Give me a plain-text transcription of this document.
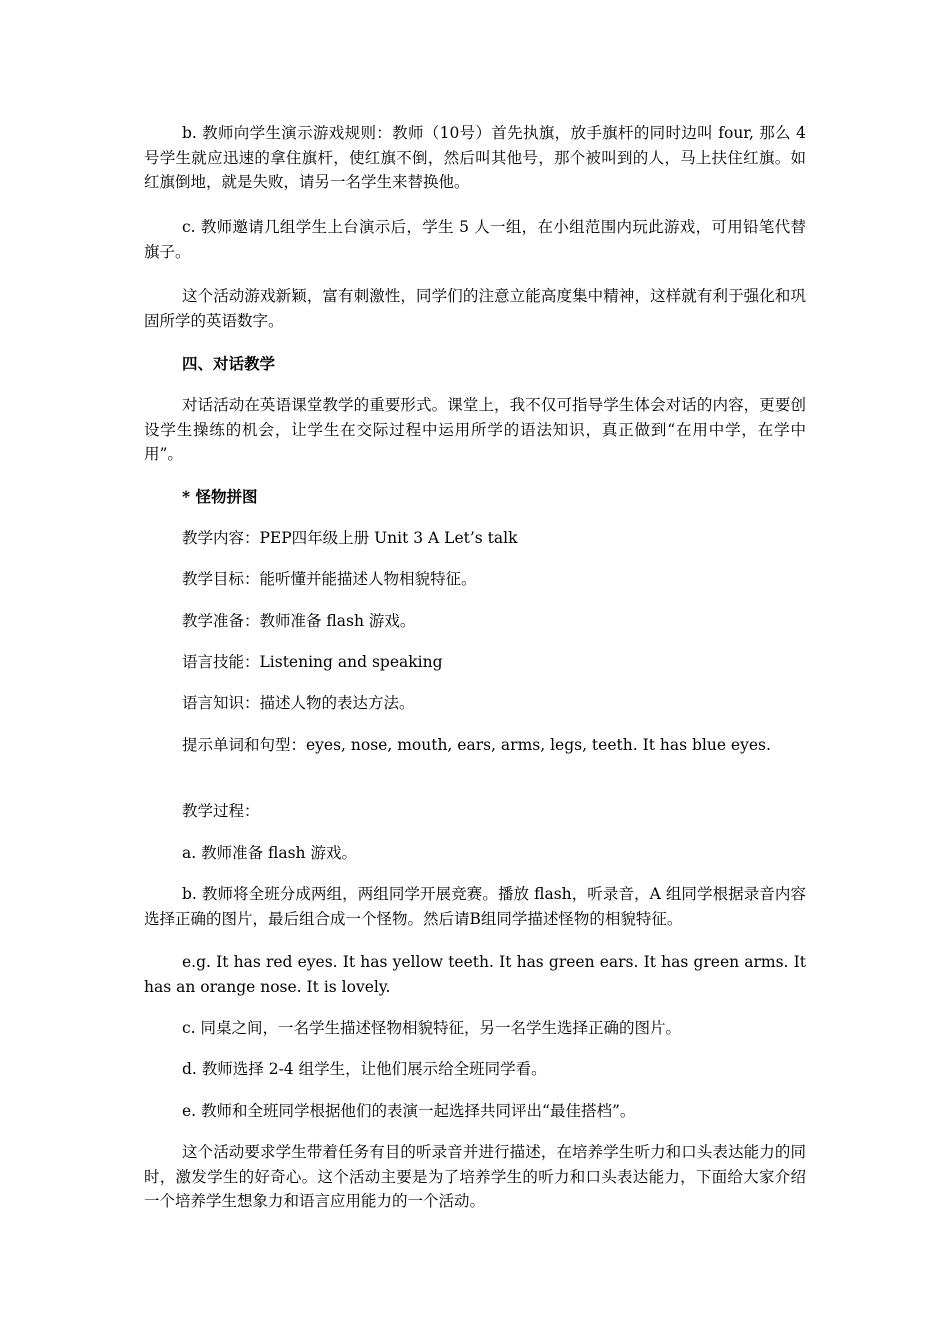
b. 教师向学生演示游戏规则：教师（10号）首先执旗，放手旗杆的同时边叫 four, 那么 4 号学生就应迅速的拿住旗杆，使红旗不倒，然后叫其他号，那个被叫到的人，马上扶住红旗。如红旗倒地，就是失败，请另一名学生来替换他。

c. 教师邀请几组学生上台演示后，学生 5 人一组，在小组范围内玩此游戏，可用铅笔代替旗子。

这个活动游戏新颖，富有刺激性，同学们的注意立能高度集中精神，这样就有利于强化和巩固所学的英语数字。

四、对话教学

对话活动在英语课堂教学的重要形式。课堂上，我不仅可指导学生体会对话的内容，更要创设学生操练的机会，让学生在交际过程中运用所学的语法知识，真正做到“在用中学，在学中用”。

* 怪物拼图

教学内容：PEP四年级上册 Unit 3 A Let’s talk

教学目标：能听懂并能描述人物相貌特征。

教学准备：教师准备 flash 游戏。

语言技能：Listening and speaking

语言知识：描述人物的表达方法。

提示单词和句型：eyes, nose, mouth, ears, arms, legs, teeth. It has blue eyes.

教学过程：

a. 教师准备 flash 游戏。

b. 教师将全班分成两组，两组同学开展竞赛。播放 flash，听录音，A 组同学根据录音内容选择正确的图片，最后组合成一个怪物。然后请B组同学描述怪物的相貌特征。

e.g. It has red eyes. It has yellow teeth. It has green ears. It has green arms. It has an orange nose. It is lovely.

c. 同桌之间，一名学生描述怪物相貌特征，另一名学生选择正确的图片。

d. 教师选择 2-4 组学生，让他们展示给全班同学看。

e. 教师和全班同学根据他们的表演一起选择共同评出“最佳搭档”。

这个活动要求学生带着任务有目的听录音并进行描述，在培养学生听力和口头表达能力的同时，激发学生的好奇心。这个活动主要是为了培养学生的听力和口头表达能力，下面给大家介绍一个培养学生想象力和语言应用能力的一个活动。
